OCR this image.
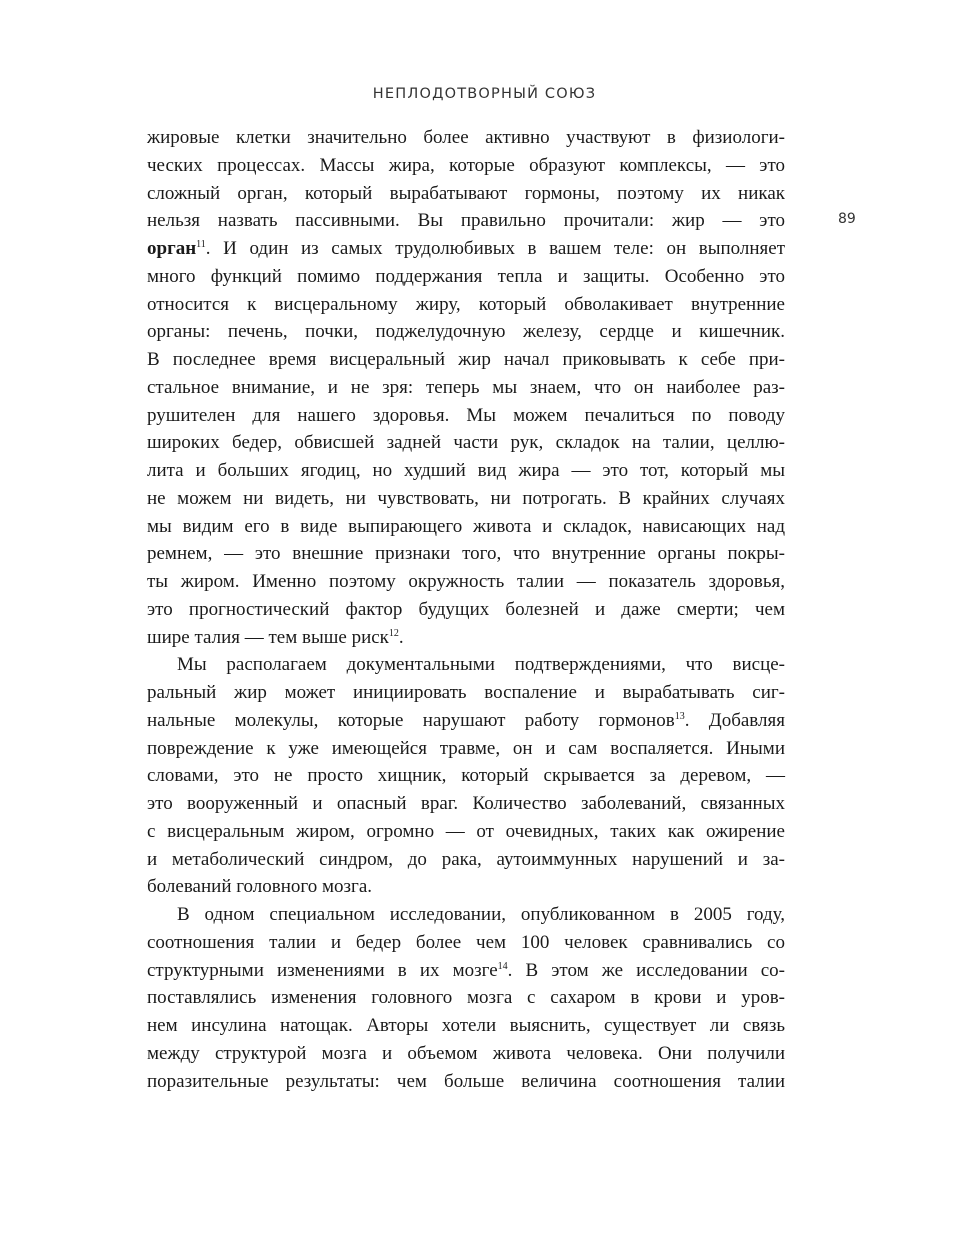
НЕПЛОДОТВОРНЫЙ СОЮЗ
89
жировые клетки значительно более активно участвуют в физиологи-
ческих процессах. Массы жира, которые образуют комплексы, — это
сложный орган, который вырабатывают гормоны, поэтому их никак
нельзя назвать пассивными. Вы правильно прочитали: жир — это
орган$^{11}$. И один из самых трудолюбивых в вашем теле: он выполняет
много функций помимо поддержания тепла и защиты. Особенно это
относится к висцеральному жиру, который обволакивает внутренние
органы: печень, почки, поджелудочную железу, сердце и кишечник.
В последнее время висцеральный жир начал приковывать к себе при-
стальное внимание, и не зря: теперь мы знаем, что он наиболее раз-
рушителен для нашего здоровья. Мы можем печалиться по поводу
широких бедер, обвисшей задней части рук, складок на талии, целлю-
лита и больших ягодиц, но худший вид жира — это тот, который мы
не можем ни видеть, ни чувствовать, ни потрогать. В крайних случаях
мы видим его в виде выпирающего живота и складок, нависающих над
ремнем, — это внешние признаки того, что внутренние органы покры-
ты жиром. Именно поэтому окружность талии — показатель здоровья,
это прогностический фактор будущих болезней и даже смерти; чем
шире талия — тем выше риск$^{12}$.
Мы располагаем документальными подтверждениями, что висце-
ральный жир может инициировать воспаление и вырабатывать сиг-
нальные молекулы, которые нарушают работу гормонов$^{13}$. Добавляя
повреждение к уже имеющейся травме, он и сам воспаляется. Иными
словами, это не просто хищник, который скрывается за деревом, —
это вооруженный и опасный враг. Количество заболеваний, связанных
с висцеральным жиром, огромно — от очевидных, таких как ожирение
и метаболический синдром, до рака, аутоиммунных нарушений и за-
болеваний головного мозга.
В одном специальном исследовании, опубликованном в 2005 году,
соотношения талии и бедер более чем 100 человек сравнивались со
структурными изменениями в их мозге$^{14}$. В этом же исследовании со-
поставлялись изменения головного мозга с сахаром в крови и уров-
нем инсулина натощак. Авторы хотели выяснить, существует ли связь
между структурой мозга и объемом живота человека. Они получили
поразительные результаты: чем больше величина соотношения талии
